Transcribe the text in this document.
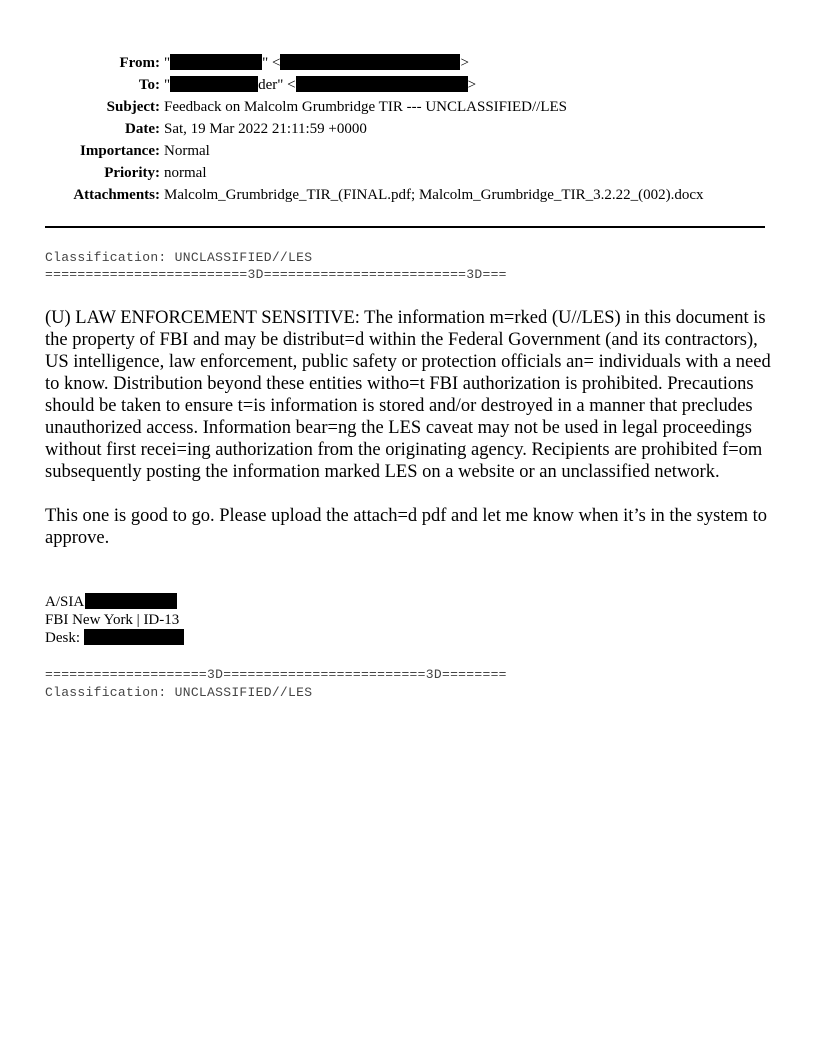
From: "	" <	>
To: "	der" <	>
Subject: Feedback on Malcolm Grumbridge TIR --- UNCLASSIFIED//LES
Date: Sat, 19 Mar 2022 21:11:59 +0000
Importance: Normal
Priority: normal
Attachments: Malcolm_Grumbridge_TIR_(FINAL.pdf; Malcolm_Grumbridge_TIR_3.2.22_(002).docx
Classification: UNCLASSIFIED//LES
=========================3D=========================3D===

(U) LAW ENFORCEMENT SENSITIVE: The information m=rked (U//LES) in this document is the property of FBI and may be distribut=d within the Federal Government (and its contractors), US intelligence, law enforcement, public safety or protection officials an= individuals with a need to know. Distribution beyond these entities witho=t FBI authorization is prohibited. Precautions should be taken to ensure t=is information is stored and/or destroyed in a manner that precludes unauthorized access. Information bear=ng the LES caveat may not be used in legal proceedings without first recei=ing authorization from the originating agency. Recipients are prohibited f=om subsequently posting the information marked LES on a website or an unclassified network.

This one is good to go. Please upload the attach=d pdf and let me know when it’s in the system to approve.

A/SIA
FBI New York | ID-13
Desk:
====================3D=========================3D========
Classification: UNCLASSIFIED//LES
